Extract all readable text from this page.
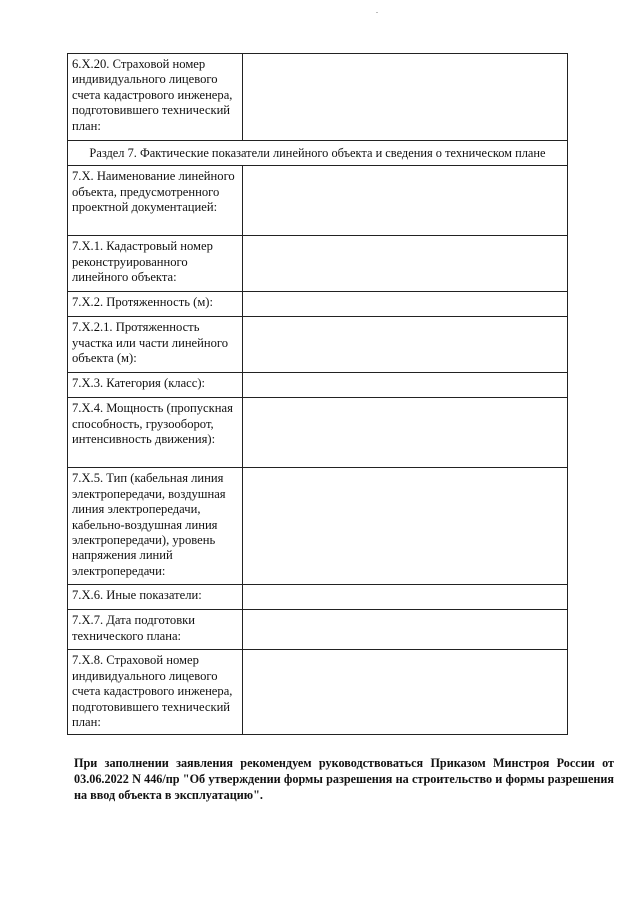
6.Х.20. Страховой номер индивидуального лицевого счета кадастрового инженера, подготовившего технический план:	
Раздел 7. Фактические показатели линейного объекта и сведения о техническом плане	
7.Х. Наименование линейного объекта, предусмотренного проектной документацией:	
7.Х.1. Кадастровый номер реконструированного линейного объекта:	
7.Х.2. Протяженность (м):	
7.Х.2.1. Протяженность участка или части линейного объекта (м):	
7.Х.3. Категория (класс):	
7.Х.4. Мощность (пропускная способность, грузооборот, интенсивность движения):	
7.Х.5. Тип (кабельная линия электропередачи, воздушная линия электропередачи, кабельно-воздушная линия электропередачи), уровень напряжения линий электропередачи:	
7.Х.6. Иные показатели:	
7.Х.7. Дата подготовки технического плана:	
7.Х.8. Страховой номер индивидуального лицевого счета кадастрового инженера, подготовившего технический план:	

При заполнении заявления рекомендуем руководствоваться Приказом Минстроя России от 03.06.2022 N 446/пр "Об утверждении формы разрешения на строительство и формы разрешения на ввод объекта в эксплуатацию".
